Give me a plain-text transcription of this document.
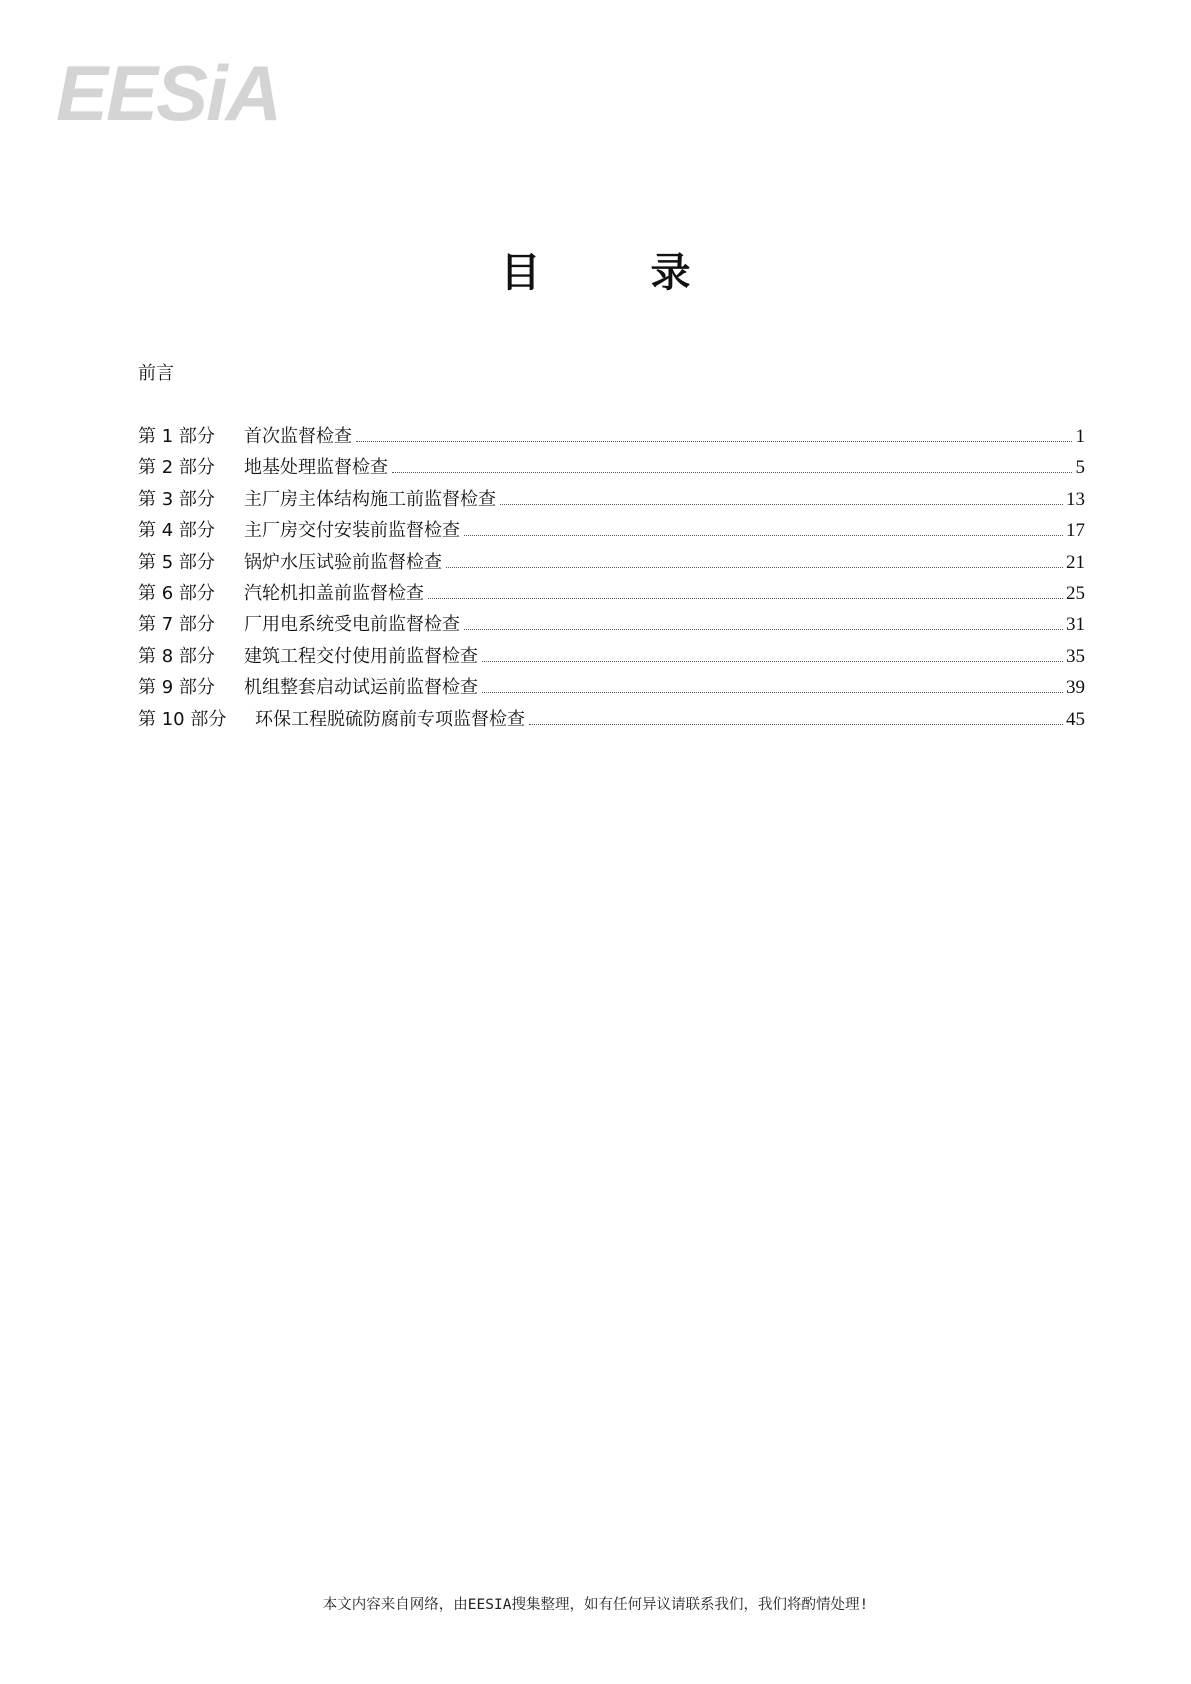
EESiA
目	录
前言
第 1 部分	首次监督检查	1
第 2 部分	地基处理监督检查	5
第 3 部分	主厂房主体结构施工前监督检查	13
第 4 部分	主厂房交付安装前监督检查	17
第 5 部分	锅炉水压试验前监督检查	21
第 6 部分	汽轮机扣盖前监督检查	25
第 7 部分	厂用电系统受电前监督检查	31
第 8 部分	建筑工程交付使用前监督检查	35
第 9 部分	机组整套启动试运前监督检查	39
第 10 部分	环保工程脱硫防腐前专项监督检查	45
本文内容来自网络，由EESIA搜集整理，如有任何异议请联系我们，我们将酌情处理!
